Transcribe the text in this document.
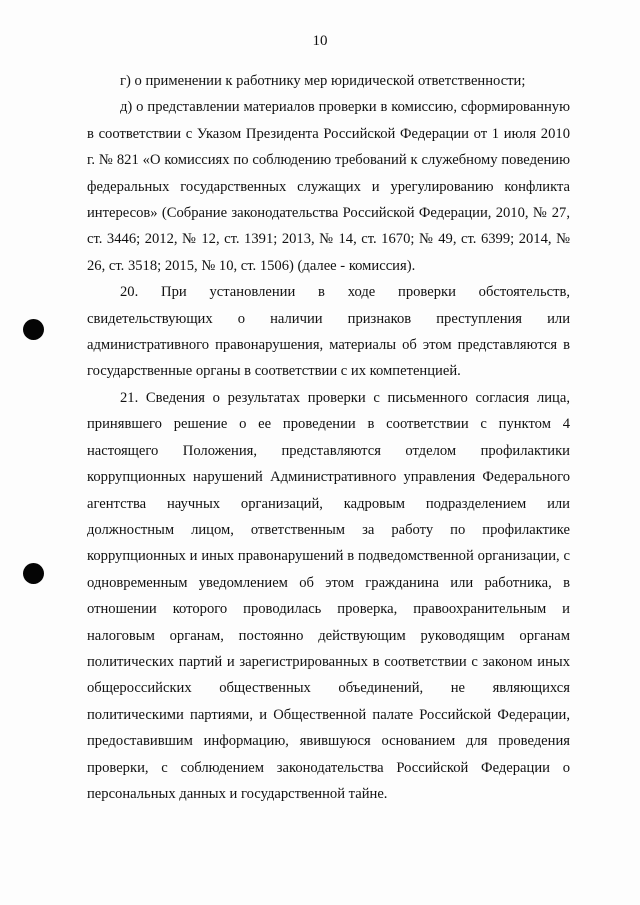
10

г) о применении к работнику мер юридической ответственности;

д) о представлении материалов проверки в комиссию, сформированную в соответствии с Указом Президента Российской Федерации от 1 июля 2010 г. № 821 «О комиссиях по соблюдению требований к служебному поведению федеральных государственных служащих и урегулированию конфликта интересов» (Собрание законодательства Российской Федерации, 2010, № 27, ст. 3446; 2012, № 12, ст. 1391; 2013, № 14, ст. 1670; № 49, ст. 6399; 2014, № 26, ст. 3518; 2015, № 10, ст. 1506) (далее - комиссия).

20. При установлении в ходе проверки обстоятельств, свидетельствующих о наличии признаков преступления или административного правонарушения, материалы об этом представляются в государственные органы в соответствии с их компетенцией.

21. Сведения о результатах проверки с письменного согласия лица, принявшего решение о ее проведении в соответствии с пунктом 4 настоящего Положения, представляются отделом профилактики коррупционных нарушений Административного управления Федерального агентства научных организаций, кадровым подразделением или должностным лицом, ответственным за работу по профилактике коррупционных и иных правонарушений в подведомственной организации, с одновременным уведомлением об этом гражданина или работника, в отношении которого проводилась проверка, правоохранительным и налоговым органам, постоянно действующим руководящим органам политических партий и зарегистрированных в соответствии с законом иных общероссийских общественных объединений, не являющихся политическими партиями, и Общественной палате Российской Федерации, предоставившим информацию, явившуюся основанием для проведения проверки, с соблюдением законодательства Российской Федерации о персональных данных и государственной тайне.
